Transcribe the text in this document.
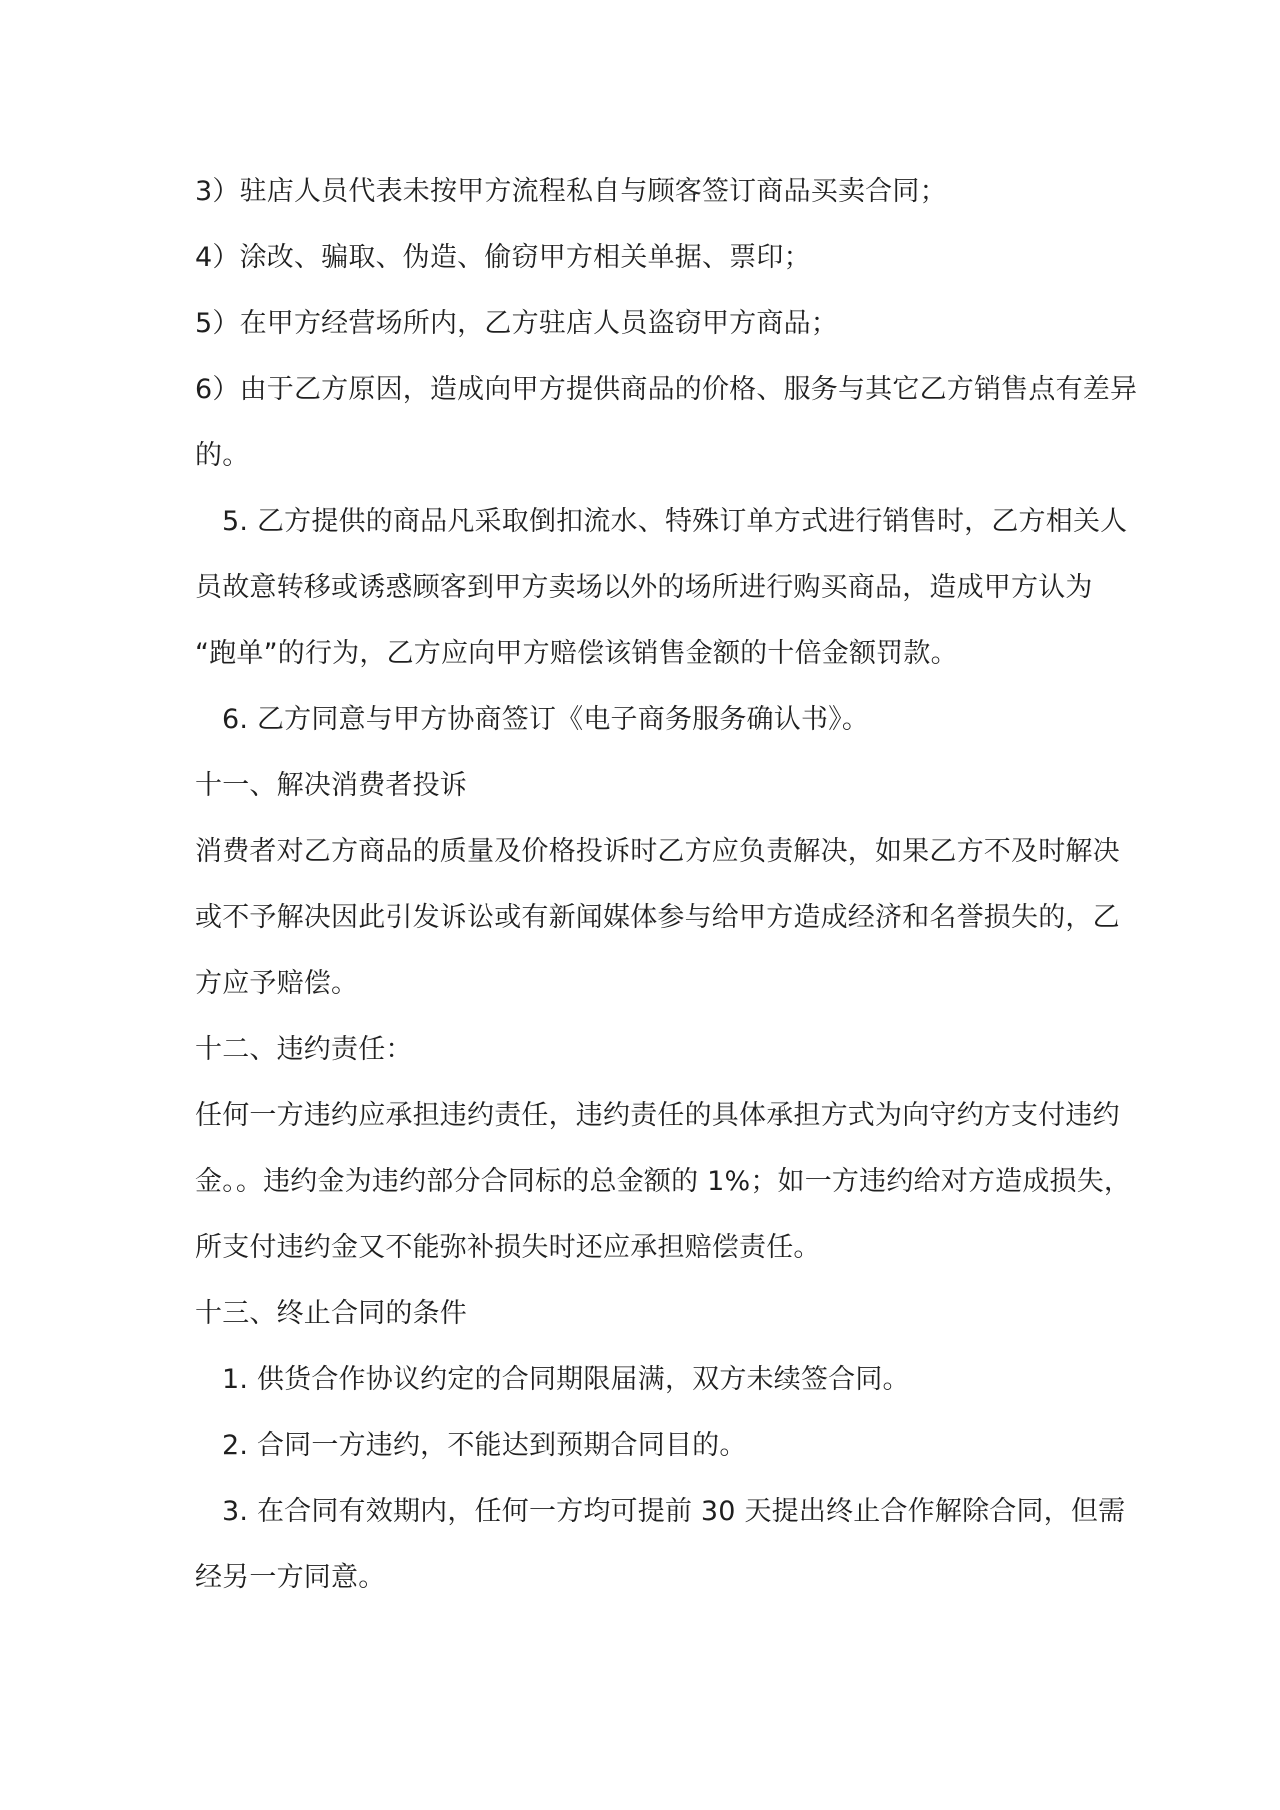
3）驻店人员代表未按甲方流程私自与顾客签订商品买卖合同；

4）涂改、骗取、伪造、偷窃甲方相关单据、票印；

5）在甲方经营场所内，乙方驻店人员盗窃甲方商品；

6）由于乙方原因，造成向甲方提供商品的价格、服务与其它乙方销售点有差异

的。

5. 乙方提供的商品凡采取倒扣流水、特殊订单方式进行销售时，乙方相关人

员故意转移或诱惑顾客到甲方卖场以外的场所进行购买商品，造成甲方认为

“跑单”的行为，乙方应向甲方赔偿该销售金额的十倍金额罚款。

6. 乙方同意与甲方协商签订《电子商务服务确认书》。

十一、解决消费者投诉

消费者对乙方商品的质量及价格投诉时乙方应负责解决，如果乙方不及时解决

或不予解决因此引发诉讼或有新闻媒体参与给甲方造成经济和名誉损失的，乙

方应予赔偿。

十二、违约责任：

任何一方违约应承担违约责任，违约责任的具体承担方式为向守约方支付违约

金。。违约金为违约部分合同标的总金额的 1%；如一方违约给对方造成损失，

所支付违约金又不能弥补损失时还应承担赔偿责任。

十三、终止合同的条件

1. 供货合作协议约定的合同期限届满，双方未续签合同。

2. 合同一方违约，不能达到预期合同目的。

3. 在合同有效期内，任何一方均可提前 30 天提出终止合作解除合同，但需

经另一方同意。
